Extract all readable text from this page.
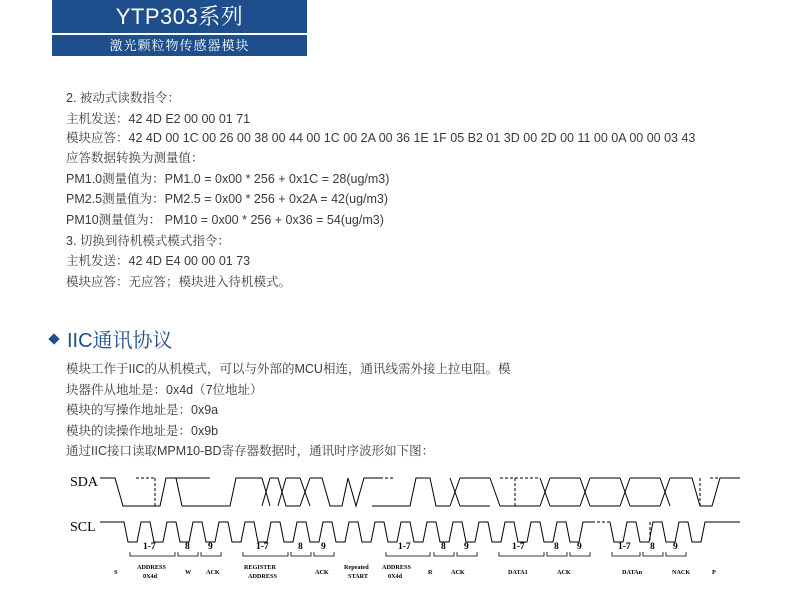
YTP303系列
激光颗粒物传感器模块
2. 被动式读数指令：
主机发送：42 4D E2 00 00 01 71
模块应答：42 4D 00 1C 00 26 00 38 00 44 00 1C 00 2A 00 36 1E 1F 05 B2 01 3D 00 2D 00 11 00 0A 00 00 03 43
应答数据转换为测量值：
PM1.0测量值为：PM1.0 = 0x00 * 256 + 0x1C = 28(ug/m3)
PM2.5测量值为：PM2.5 = 0x00 * 256 + 0x2A = 42(ug/m3)
PM10测量值为： PM10 = 0x00 * 256 + 0x36 = 54(ug/m3)
3. 切换到待机模式模式指令：
主机发送：42 4D E4 00 00 01 73
模块应答：无应答；模块进入待机模式。
IIC通讯协议
模块工作于IIC的从机模式，可以与外部的MCU相连，通讯线需外接上拉电阻。模
块器件从地址是：0x4d（7位地址）
模块的写操作地址是：0x9a
模块的读操作地址是：0x9b
通过IIC接口读取MPM10-BD寄存器数据时，通讯时序波形如下图：
SDA
SCL
1-7	8 9	1-7	8 9	1-7	8 9	1-7	8 9	1-7 8 9
S
ADDRESS
0X4d
W ACK
REGISTER
ADDRESS
ACK
Repeated
START
ADDRESS
0X4d
R	ACK	DATA1	ACK	DATAn	NACK	P
